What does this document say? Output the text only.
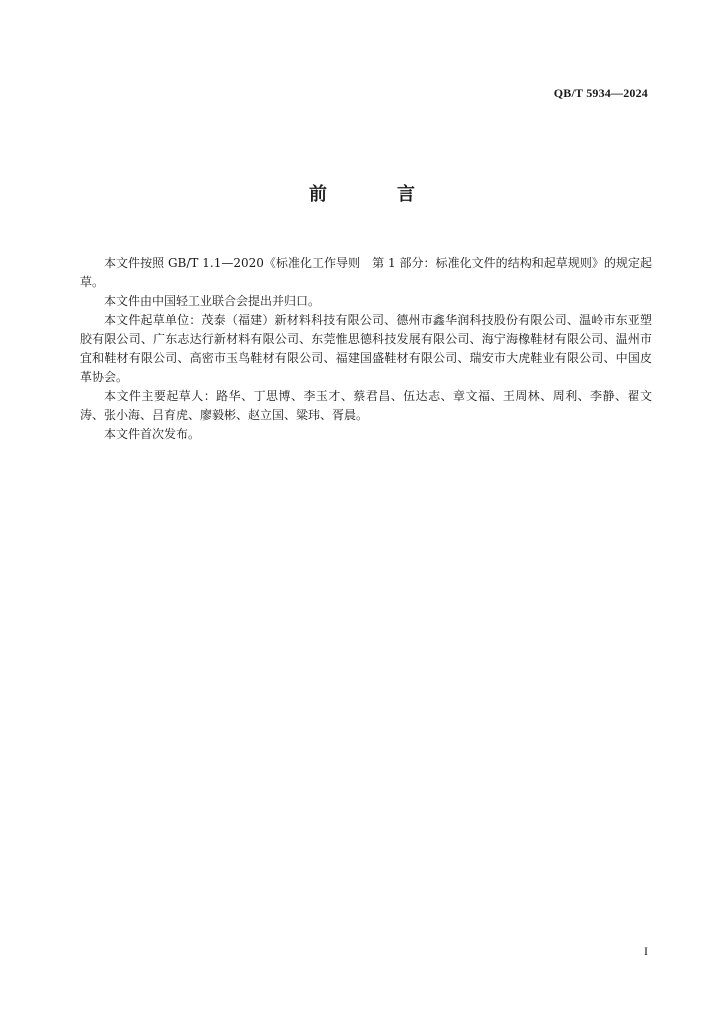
QB/T 5934—2024
前　言

本文件按照 GB/T 1.1—2020《标准化工作导则　第 1 部分：标准化文件的结构和起草规则》的规定起草。

本文件由中国轻工业联合会提出并归口。

本文件起草单位：茂泰（福建）新材料科技有限公司、德州市鑫华润科技股份有限公司、温岭市东亚塑胶有限公司、广东志达行新材料有限公司、东莞惟思德科技发展有限公司、海宁海橡鞋材有限公司、温州市宜和鞋材有限公司、高密市玉鸟鞋材有限公司、福建国盛鞋材有限公司、瑞安市大虎鞋业有限公司、中国皮革协会。

本文件主要起草人：路华、丁思博、李玉才、蔡君昌、伍达志、章文福、王周林、周利、李静、翟文涛、张小海、吕育虎、廖毅彬、赵立国、粱玮、胥晨。

本文件首次发布。

I
